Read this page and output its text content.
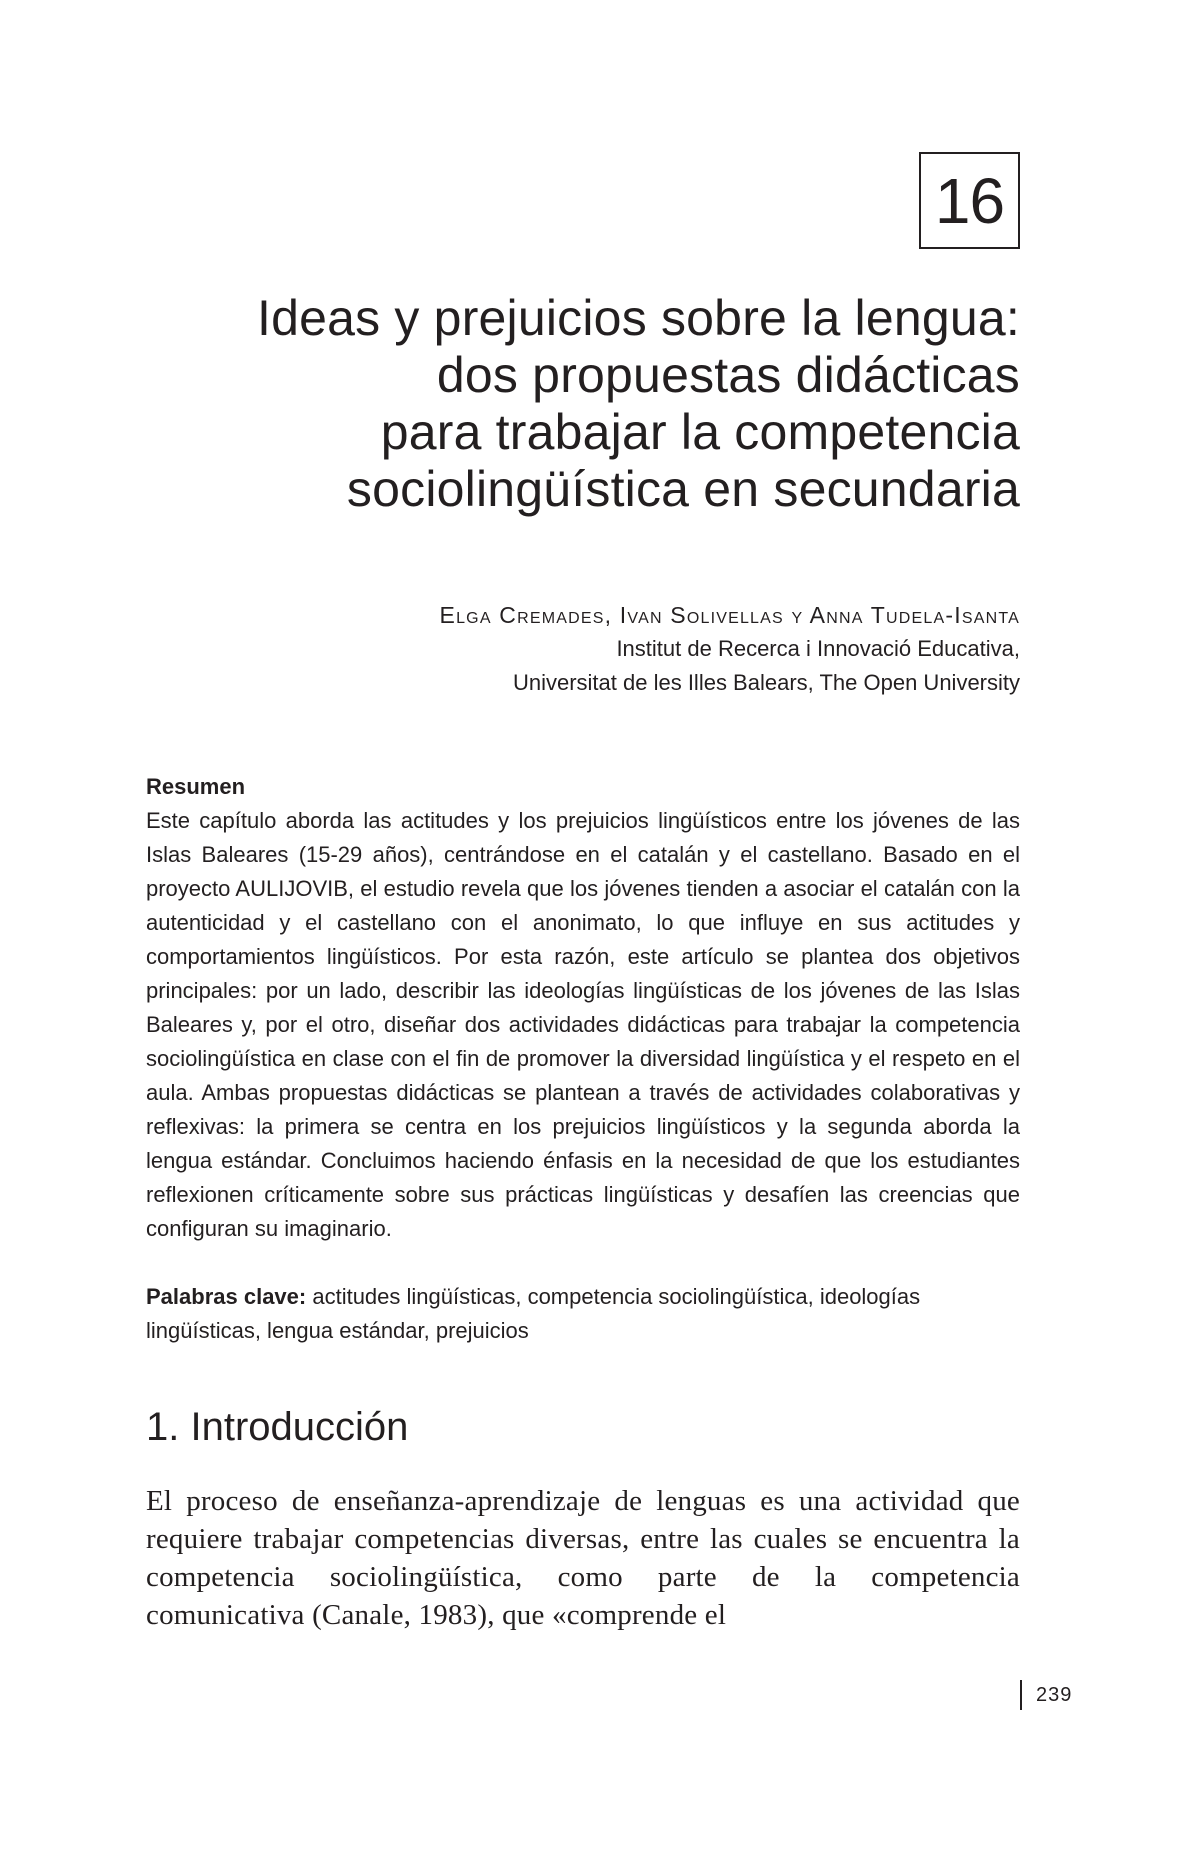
16
Ideas y prejuicios sobre la lengua:
dos propuestas didácticas
para trabajar la competencia
sociolingüística en secundaria
Elga Cremades, Ivan Solivellas y Anna Tudela-Isanta
Institut de Recerca i Innovació Educativa,
Universitat de les Illes Balears, The Open University

Resumen

Este capítulo aborda las actitudes y los prejuicios lingüísticos entre los jóvenes de las Islas Baleares (15-29 años), centrándose en el catalán y el castellano. Basado en el proyecto AULIJOVIB, el estudio revela que los jóvenes tienden a asociar el catalán con la autenticidad y el castellano con el anonimato, lo que influye en sus actitudes y comportamientos lingüísticos. Por esta razón, este artículo se plantea dos objetivos principales: por un lado, describir las ideologías lingüísticas de los jóvenes de las Islas Baleares y, por el otro, diseñar dos actividades didácticas para trabajar la competencia sociolingüística en clase con el fin de promover la diversidad lingüística y el respeto en el aula. Ambas propuestas didácticas se plantean a través de actividades colaborativas y reflexivas: la primera se centra en los prejuicios lingüísticos y la segunda aborda la lengua estándar. Concluimos haciendo énfasis en la necesidad de que los estudiantes reflexionen críticamente sobre sus prácticas lingüísticas y desafíen las creencias que configuran su imaginario.

Palabras clave: actitudes lingüísticas, competencia sociolingüística, ideologías lingüísticas, lengua estándar, prejuicios

1. Introducción

El proceso de enseñanza-aprendizaje de lenguas es una actividad que requiere trabajar competencias diversas, entre las cuales se encuentra la competencia sociolingüística, como parte de la competencia comunicativa (Canale, 1983), que «comprende el

239
